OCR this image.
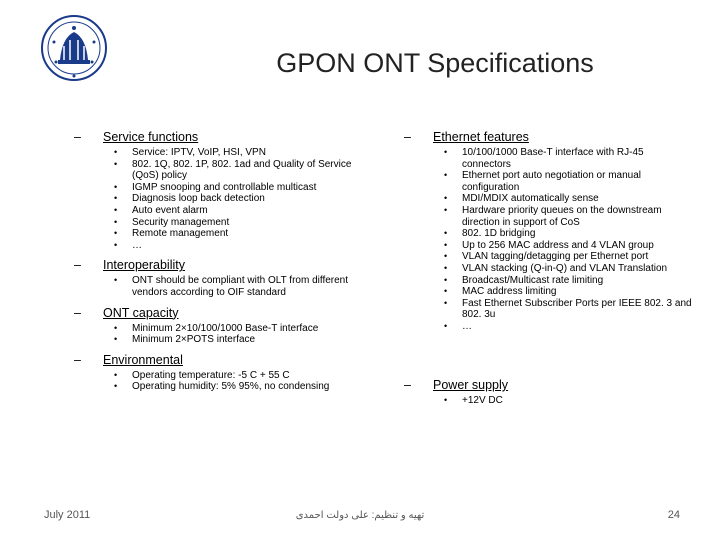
GPON ONT Specifications
– Service functions
• Service: IPTV, VoIP, HSI, VPN
• 802. 1Q, 802. 1P, 802. 1ad and Quality of Service (QoS) policy
• IGMP snooping and controllable multicast
• Diagnosis loop back detection
• Auto event alarm
• Security management
• Remote management
• …
– Interoperability
• ONT should be compliant with OLT from different vendors according to OIF standard
– ONT capacity
• Minimum 2×10/100/1000 Base-T interface
• Minimum 2×POTS interface
– Environmental
• Operating temperature: -5 C + 55 C
• Operating humidity: 5% 95%, no condensing
– Ethernet features
• 10/100/1000 Base-T interface with RJ-45 connectors
• Ethernet port auto negotiation or manual configuration
• MDI/MDIX automatically sense
• Hardware priority queues on the downstream direction in support of CoS
• 802. 1D bridging
• Up to 256 MAC address and 4 VLAN group
• VLAN tagging/detagging per Ethernet port
• VLAN stacking (Q-in-Q) and VLAN Translation
• Broadcast/Multicast rate limiting
• MAC address limiting
• Fast Ethernet Subscriber Ports per IEEE 802. 3 and 802. 3u
• …
– Power supply
• +12V DC
July 2011	تهیه و تنظیم: علی دولت احمدی	24
